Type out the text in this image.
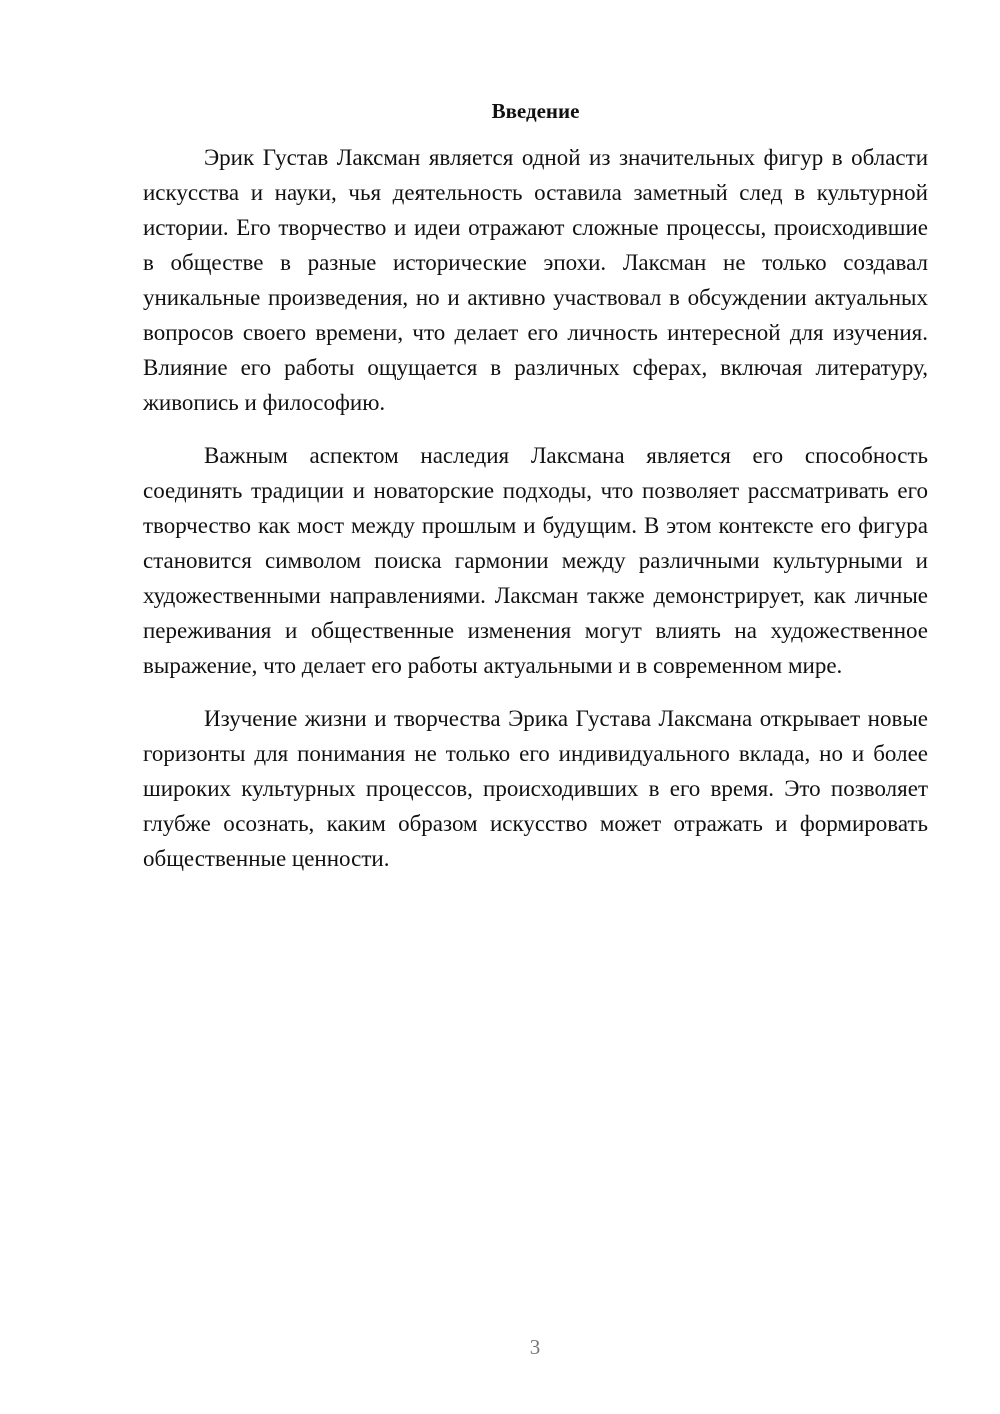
Введение

Эрик Густав Лаксман является одной из значительных фигур в области искусства и науки, чья деятельность оставила заметный след в культурной истории. Его творчество и идеи отражают сложные процессы, происходившие в обществе в разные исторические эпохи. Лаксман не только создавал уникальные произведения, но и активно участвовал в обсуждении актуальных вопросов своего времени, что делает его личность интересной для изучения. Влияние его работы ощущается в различных сферах, включая литературу, живопись и философию.

Важным аспектом наследия Лаксмана является его способность соединять традиции и новаторские подходы, что позволяет рассматривать его творчество как мост между прошлым и будущим. В этом контексте его фигура становится символом поиска гармонии между различными культурными и художественными направлениями. Лаксман также демонстрирует, как личные переживания и общественные изменения могут влиять на художественное выражение, что делает его работы актуальными и в современном мире.

Изучение жизни и творчества Эрика Густава Лаксмана открывает новые горизонты для понимания не только его индивидуального вклада, но и более широких культурных процессов, происходивших в его время. Это позволяет глубже осознать, каким образом искусство может отражать и формировать общественные ценности.

3
